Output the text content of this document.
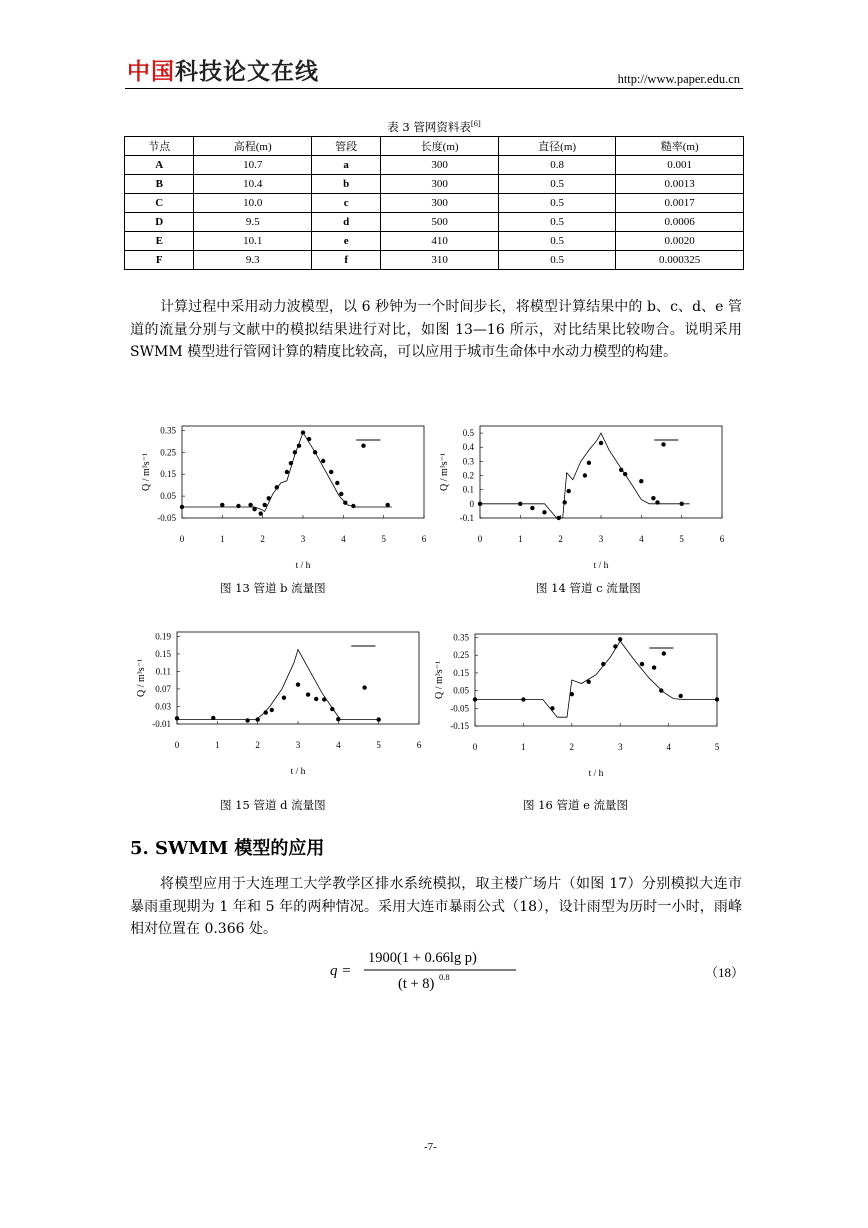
中国科技论文在线	http://www.paper.edu.cn
表 3 管网资料表[6]
节点	高程(m)	管段	长度(m)	直径(m)	糙率(m)
A	10.7	a	300	0.8	0.001
B	10.4	b	300	0.5	0.0013
C	10.0	c	300	0.5	0.0017
D	9.5	d	500	0.5	0.0006
E	10.1	e	410	0.5	0.0020
F	9.3	f	310	0.5	0.000325

计算过程中采用动力波模型，以 6 秒钟为一个时间步长，将模型计算结果中的 b、c、d、e 管道的流量分别与文献中的模拟结果进行对比，如图 13—16 所示，对比结果比较吻合。说明采用 SWMM 模型进行管网计算的精度比较高，可以应用于城市生命体中水动力模型的构建。

0	1	2	3	4	5	6
-0.05
0.05
0.15
0.25
0.35
t / h
Q / m³s⁻¹
0	1	2	3	4	5	6
-0.1
0
0.1
0.2
0.3
0.4
0.5
t / h
Q / m³s⁻¹
0	1	2	3	4	5	6
-0.01
0.03
0.07
0.11
0.15
0.19
t / h
Q / m³s⁻¹
0	1	2	3	4	5
-0.15
-0.05
0.05
0.15
0.25
0.35
t / h
Q / m³s⁻¹
图 13 管道 b 流量图	图 14 管道 c 流量图
图 15 管道 d 流量图	图 16 管道 e 流量图
5. SWMM 模型的应用

将模型应用于大连理工大学教学区排水系统模拟，取主楼广场片（如图 17）分别模拟大连市暴雨重现期为 1 年和 5 年的两种情况。采用大连市暴雨公式（18），设计雨型为历时一小时，雨峰相对位置在 0.366 处。

q =
1900(1 + 0.66lg p)
(t + 8) 0.8	（18）
-7-
